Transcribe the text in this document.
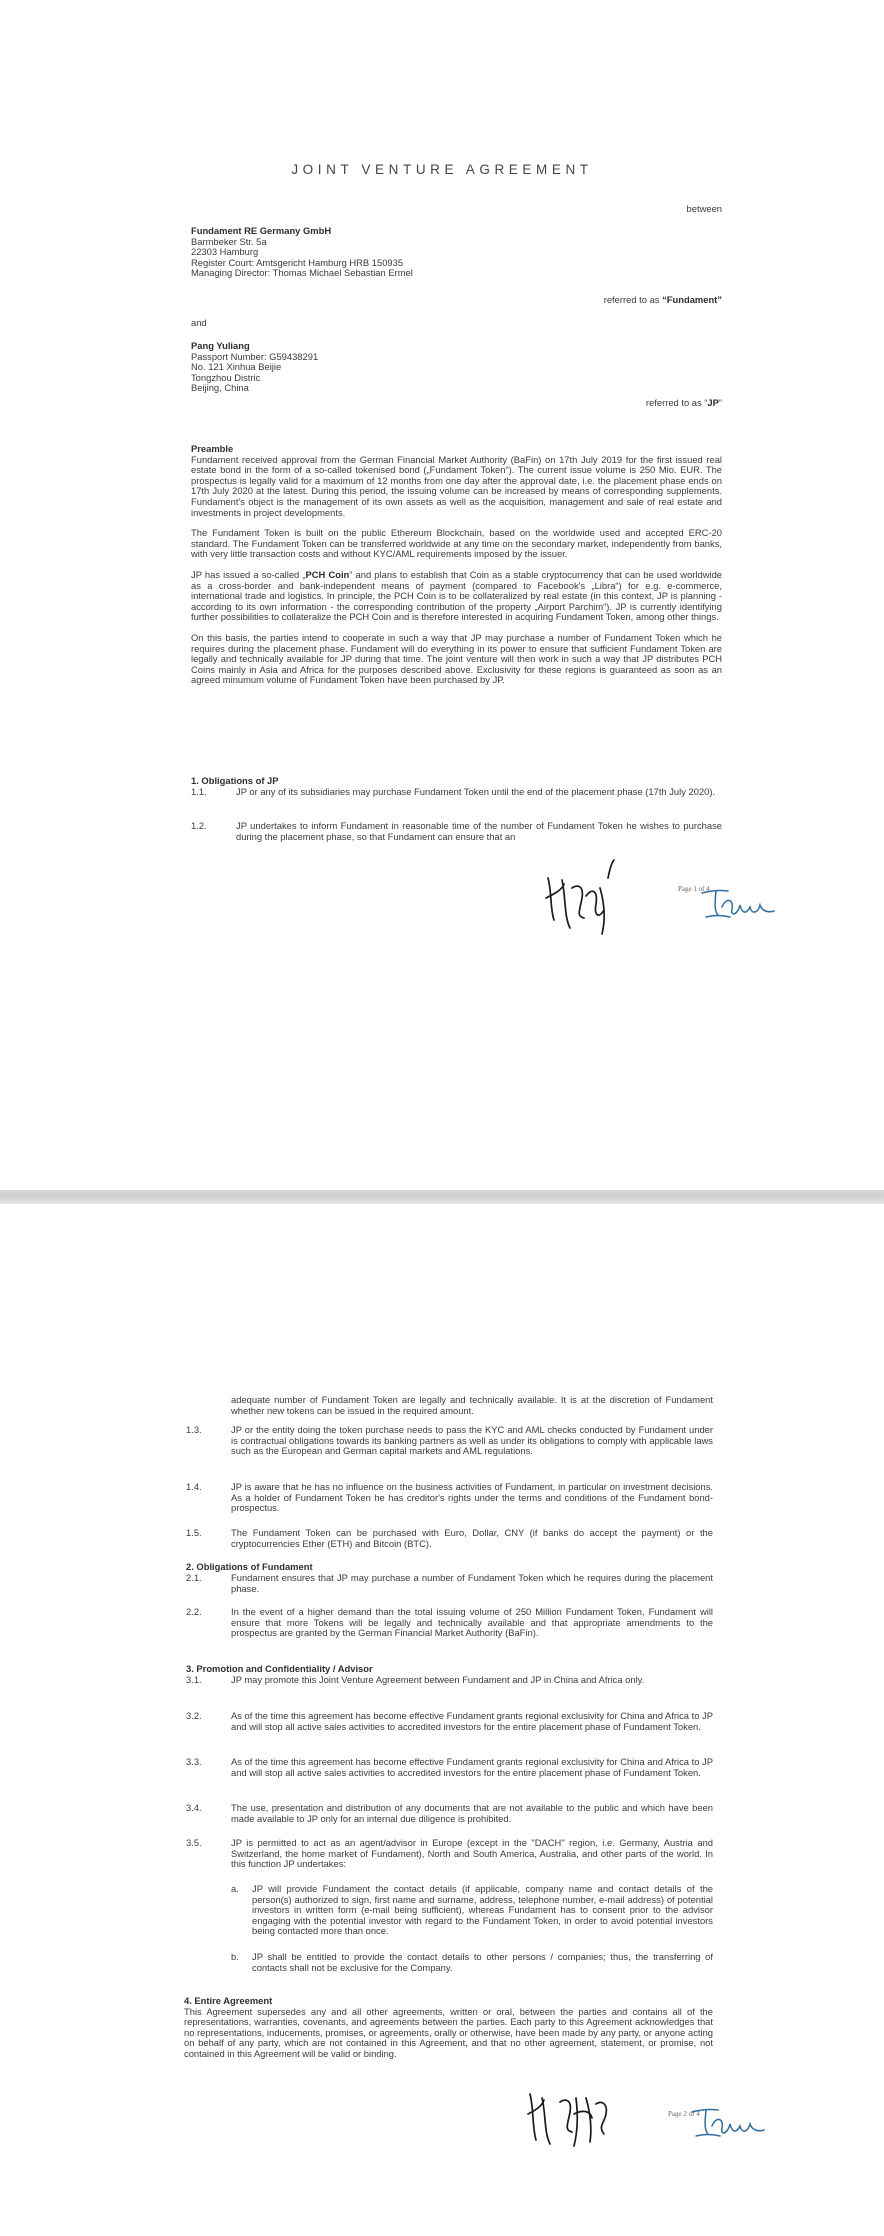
JOINT VENTURE AGREEMENT
between

Fundament RE Germany GmbH

Barmbeker Str. 5a

22303 Hamburg

Register Court: Amtsgericht Hamburg HRB 150935

Managing Director: Thomas Michael Sebastian Ermel

referred to as “Fundament”
and

Pang Yuliang

Passport Number: G59438291

No. 121 Xinhua Beijie

Tongzhou Distric

Beijing, China

referred to as “JP”

Preamble

Fundament received approval from the German Financial Market Authority (BaFin) on 17th July 2019 for the first issued real estate bond in the form of a so-called tokenised bond („Fundament Token“). The current issue volume is 250 Mio. EUR. The prospectus is legally valid for a maximum of 12 months from one day after the approval date, i.e. the placement phase ends on 17th July 2020 at the latest. During this period, the issuing volume can be increased by means of corresponding supplements. Fundament's object is the management of its own assets as well as the acquisition, management and sale of real estate and investments in project developments.

The Fundament Token is built on the public Ethereum Blockchain, based on the worldwide used and accepted ERC-20 standard. The Fundament Token can be transferred worldwide at any time on the secondary market, independently from banks, with very little transaction costs and without KYC/AML requirements imposed by the issuer.

JP has issued a so-called „PCH Coin“ and plans to establish that Coin as a stable cryptocurrency that can be used worldwide as a cross-border and bank-independent means of payment (compared to Facebook's „Libra“) for e.g. e-commerce, international trade and logistics. In principle, the PCH Coin is to be collateralized by real estate (in this context, JP is planning - according to its own information - the corresponding contribution of the property „Airport Parchim“). JP is currently identifying further possibilities to collateralize the PCH Coin and is therefore interested in acquiring Fundament Token, among other things.

On this basis, the parties intend to cooperate in such a way that JP may purchase a number of Fundament Token which he requires during the placement phase. Fundament will do everything in its power to ensure that sufficient Fundament Token are legally and technically available for JP during that time. The joint venture will then work in such a way that JP distributes PCH Coins mainly in Asia and Africa for the purposes described above. Exclusivity for these regions is guaranteed as soon as an agreed minumum volume of Fundament Token have been purchased by JP.

1. Obligations of JP

1.1.	JP or any of its subsidiaries may purchase Fundament Token until the end of the placement phase (17th July 2020).
1.2.	JP undertakes to inform Fundament in reasonable time of the number of Fundament Token he wishes to purchase during the placement phase, so that Fundament can ensure that an
Page 1 of 4
adequate number of Fundament Token are legally and technically available. It is at the discretion of Fundament whether new tokens can be issued in the required amount.
1.3.	JP or the entity doing the token purchase needs to pass the KYC and AML checks conducted by Fundament under is contractual obligations towards its banking partners as well as under its obligations to comply with applicable laws such as the European and German capital markets and AML regulations.
1.4.	JP is aware that he has no influence on the business activities of Fundament, in particular on investment decisions. As a holder of Fundament Token he has creditor's rights under the terms and conditions of the Fundament bond-prospectus.
1.5.	The Fundament Token can be purchased with Euro, Dollar, CNY (if banks do accept the payment) or the cryptocurrencies Ether (ETH) and Bitcoin (BTC).

2. Obligations of Fundament

2.1.	Fundament ensures that JP may purchase a number of Fundament Token which he requires during the placement phase.
2.2.	In the event of a higher demand than the total issuing volume of 250 Million Fundament Token, Fundament will ensure that more Tokens will be legally and technically available and that appropriate amendments to the prospectus are granted by the German Financial Market Authority (BaFin).

3. Promotion and Confidentiality / Advisor

3.1.	JP may promote this Joint Venture Agreement between Fundament and JP in China and Africa only.
3.2.	As of the time this agreement has become effective Fundament grants regional exclusivity for China and Africa to JP and will stop all active sales activities to accredited investors for the entire placement phase of Fundament Token.
3.3.	As of the time this agreement has become effective Fundament grants regional exclusivity for China and Africa to JP and will stop all active sales activities to accredited investors for the entire placement phase of Fundament Token.
3.4.	The use, presentation and distribution of any documents that are not available to the public and which have been made available to JP only for an internal due diligence is prohibited.
3.5.	JP is permitted to act as an agent/advisor in Europe (except in the "DACH" region, i.e. Germany, Austria and Switzerland, the home market of Fundament), North and South America, Australia, and other parts of the world. In this function JP undertakes:
a. JP will provide Fundament the contact details (if applicable, company name and contact details of the person(s) authorized to sign, first name and surname, address, telephone number, e-mail address) of potential investors in written form (e-mail being sufficient), whereas Fundament has to consent prior to the advisor engaging with the potential investor with regard to the Fundament Token, in order to avoid potential investors being contacted more than once.
b. JP shall be entitled to provide the contact details to other persons / companies; thus, the transferring of contacts shall not be exclusive for the Company.

4. Entire Agreement

This Agreement supersedes any and all other agreements, written or oral, between the parties and contains all of the representations, warranties, covenants, and agreements between the parties. Each party to this Agreement acknowledges that no representations, inducements, promises, or agreements, orally or otherwise, have been made by any party, or anyone acting on behalf of any party, which are not contained in this Agreement, and that no other agreement, statement, or promise, not contained in this Agreement will be valid or binding.

Page 2 of 4
